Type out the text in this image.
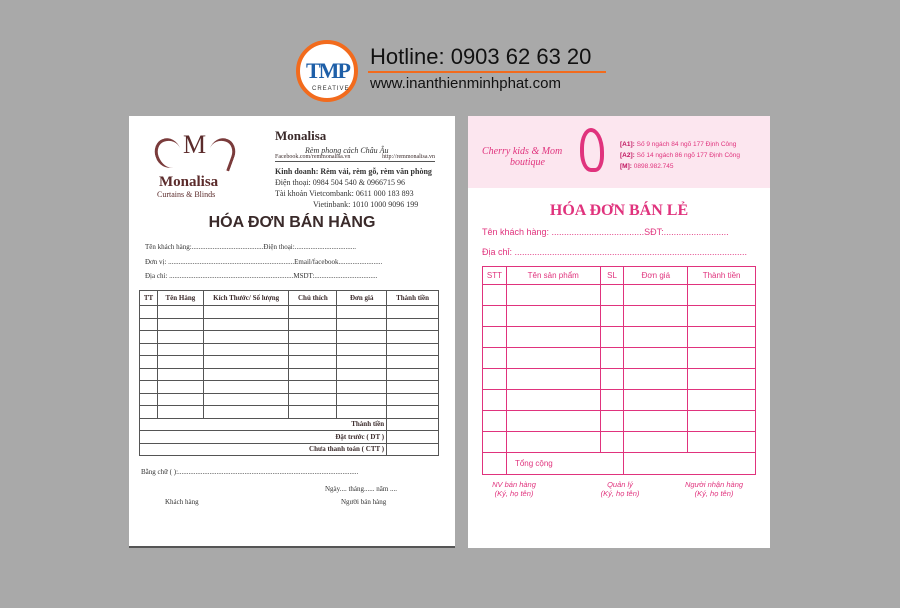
TMP
CREATIVE
Hotline: 0903 62 63 20
www.inanthienminhphat.com
M
Monalisa
Curtains & Blinds
Monalisa
Rèm phong cách Châu Âu
Facebook.com/remmonalisa.vn	http://remmonalisa.vn
Kinh doanh: Rèm vải, rèm gỗ, rèm văn phòng
Điện thoại: 0984 504 540 & 0966715 96
Tài khoản Vietcombank: 0611 000 183 893
Vietinbank: 1010 1000 9096 199
HÓA ĐƠN BÁN HÀNG
Tên khách hàng:.........................................Điện thoại:...................................
Đơn vị: ........................................................................Email/facebook.........................
Địa chỉ: .......................................................................MSDT:....................................
TT	Tên Hàng	Kích Thước/ Số lượng	Chú thích	Đơn giá	Thành tiền

Thành tiền					
Đặt trước ( DT )					
Chưa thanh toán ( CTT )					
Bằng chữ ( ):.......................................................................................................
Ngày.... tháng...... năm ....
Khách hàng	Người bán hàng
Cherry kids & Mom
boutique
[A1]: Số 9 ngách 84 ngõ 177 Định Công
[A2]: Số 14 ngách 86 ngõ 177 Định Công
[M]: 0898.982.745
HÓA ĐƠN BÁN LẺ
Tên khách hàng: .....................................SĐT:..........................
Địa chỉ: .............................................................................................
STT	Tên sản phẩm	SL	Đơn giá	Thành tiền

	Tổng cộng			
NV bán hàng
(Ký, họ tên)
Quản lý
(Ký, họ tên)
Người nhận hàng
(Ký, họ tên)
